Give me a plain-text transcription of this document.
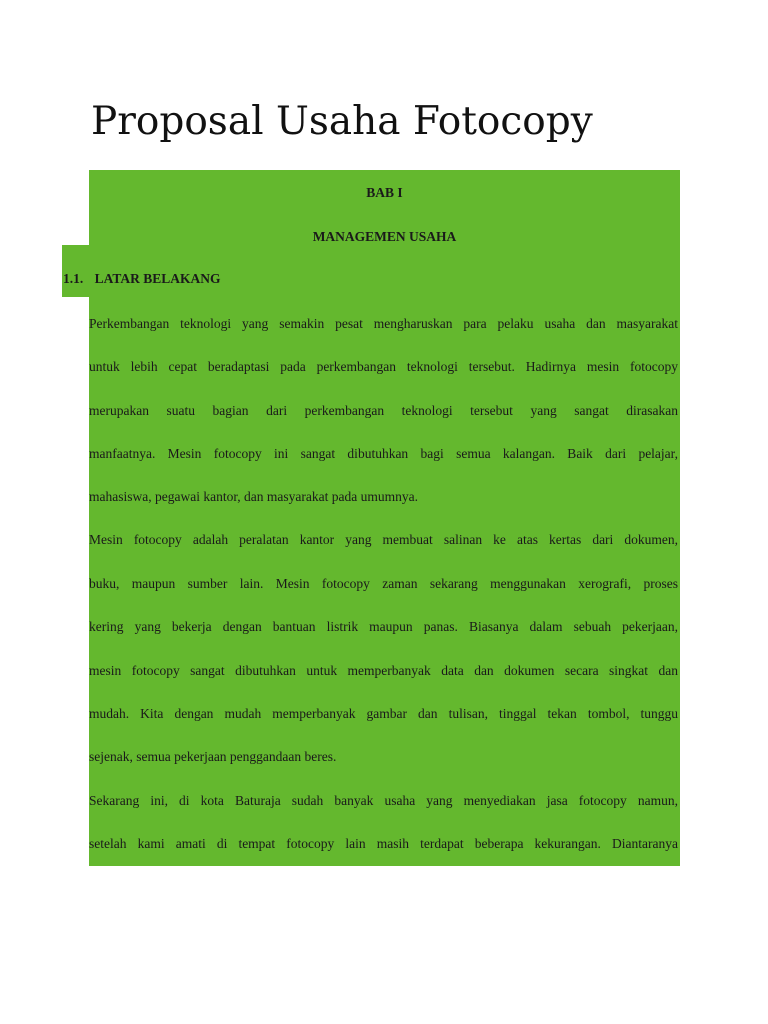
Proposal Usaha Fotocopy

BAB I

MANAGEMEN USAHA

1.1. LATAR BELAKANG

Perkembangan teknologi yang semakin pesat mengharuskan para pelaku usaha dan masyarakat
untuk lebih cepat beradaptasi pada perkembangan teknologi tersebut. Hadirnya mesin fotocopy
merupakan suatu bagian dari perkembangan teknologi tersebut yang sangat dirasakan
manfaatnya. Mesin fotocopy ini sangat dibutuhkan bagi semua kalangan. Baik dari pelajar,
mahasiswa, pegawai kantor, dan masyarakat pada umumnya.
Mesin fotocopy adalah peralatan kantor yang membuat salinan ke atas kertas dari dokumen,
buku, maupun sumber lain. Mesin fotocopy zaman sekarang menggunakan xerografi, proses
kering yang bekerja dengan bantuan listrik maupun panas. Biasanya dalam sebuah pekerjaan,
mesin fotocopy sangat dibutuhkan untuk memperbanyak data dan dokumen secara singkat dan
mudah. Kita dengan mudah memperbanyak gambar dan tulisan, tinggal tekan tombol, tunggu
sejenak, semua pekerjaan penggandaan beres.
Sekarang ini, di kota Baturaja sudah banyak usaha yang menyediakan jasa fotocopy namun,
setelah kami amati di tempat fotocopy lain masih terdapat beberapa kekurangan. Diantaranya
